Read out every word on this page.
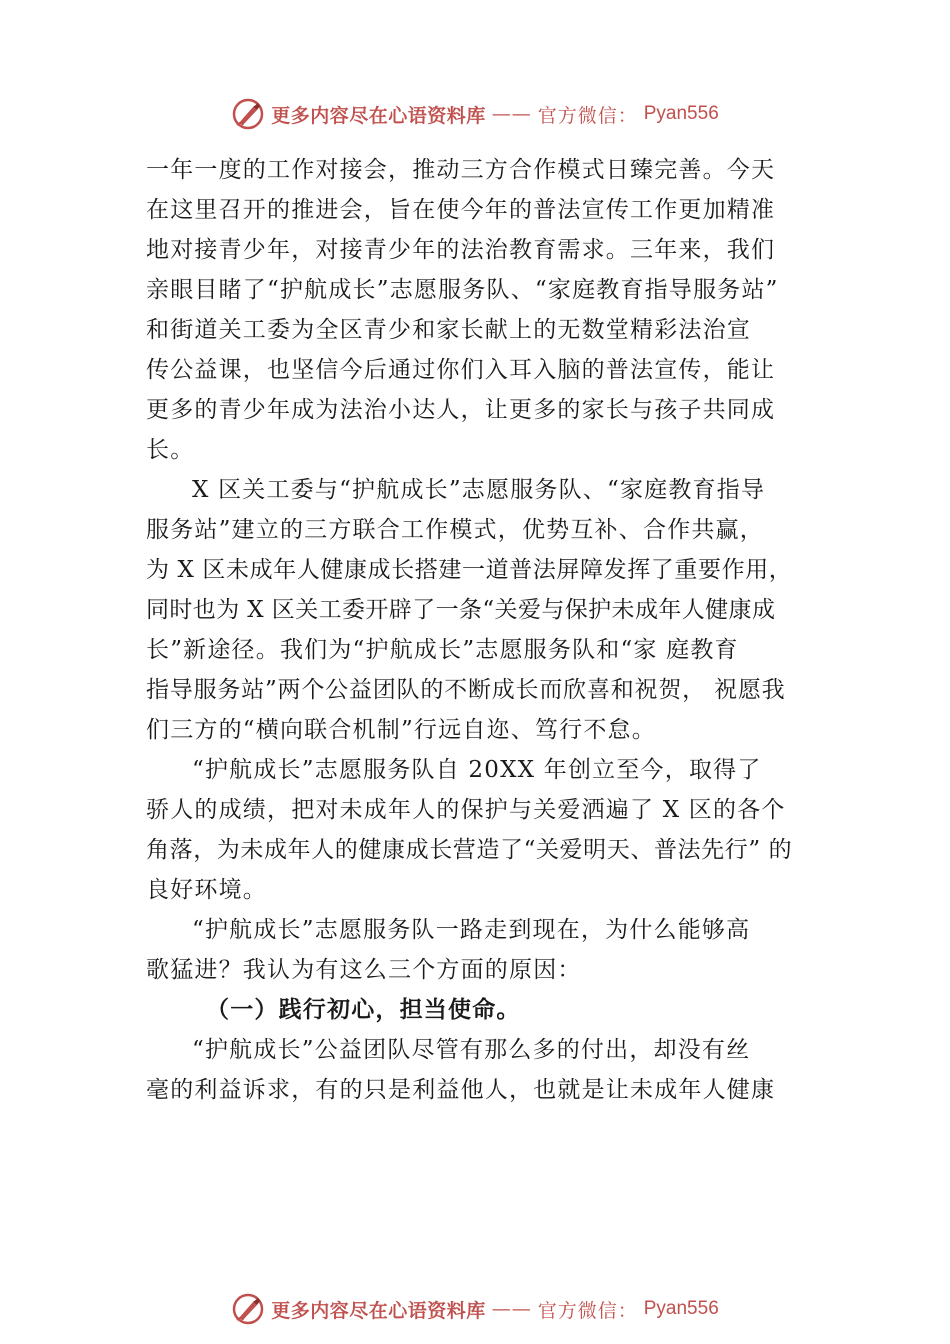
更多内容尽在心语资料库 —— 官方微信： Pyan556
一年一度的工作对接会，推动三方合作模式日臻完善。今天
在这里召开的推进会，旨在使今年的普法宣传工作更加精准
地对接青少年，对接青少年的法治教育需求。三年来，我们
亲眼目睹了“护航成长”志愿服务队、“家庭教育指导服务站”
和街道关工委为全区青少和家长献上的无数堂精彩法治宣
传公益课，也坚信今后通过你们入耳入脑的普法宣传，能让
更多的青少年成为法治小达人，让更多的家长与孩子共同成
长。
X 区关工委与“护航成长”志愿服务队、“家庭教育指导
服务站”建立的三方联合工作模式，优势互补、合作共赢，
为 X 区未成年人健康成长搭建一道普法屏障发挥了重要作用，
同时也为 X 区关工委开辟了一条“关爱与保护未成年人健康成
长”新途径。我们为“护航成长”志愿服务队和“家 庭教育
指导服务站”两个公益团队的不断成长而欣喜和祝贺， 祝愿我
们三方的“横向联合机制”行远自迩、笃行不怠。
“护航成长”志愿服务队自 20XX 年创立至今，取得了
骄人的成绩，把对未成年人的保护与关爱洒遍了 X 区的各个
角落，为未成年人的健康成长营造了“关爱明天、普法先行” 的
良好环境。
“护航成长”志愿服务队一路走到现在，为什么能够高
歌猛进？我认为有这么三个方面的原因：
（一）践行初心，担当使命。
“护航成长”公益团队尽管有那么多的付出，却没有丝
毫的利益诉求，有的只是利益他人，也就是让未成年人健康
更多内容尽在心语资料库 —— 官方微信： Pyan556
